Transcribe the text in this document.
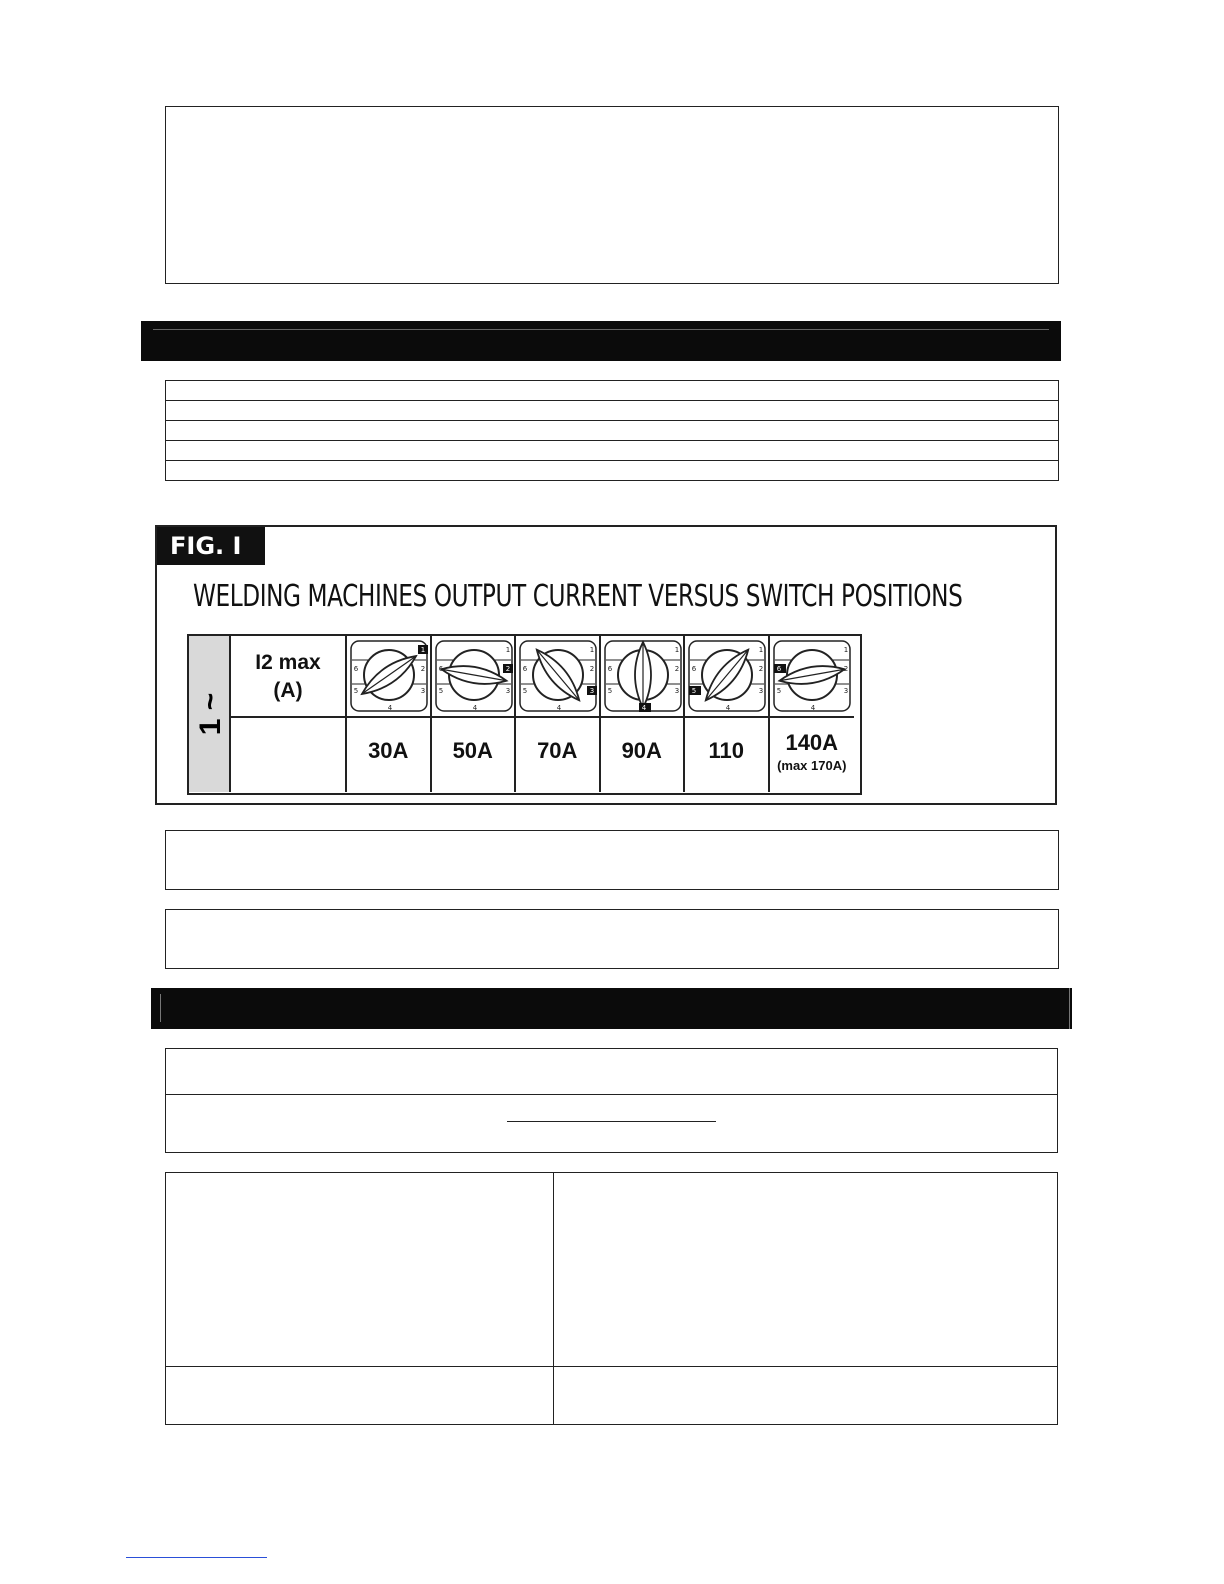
FIG. I
WELDING MACHINES OUTPUT CURRENT VERSUS SWITCH POSITIONS
1 ~
I2 max
(A)
1
2
3
4
5
6
30A
1
2
3
4
5
6
50A
1
2
3
4
5
6
70A
1
2
3
4
5
6
90A
1
2
3
4
5
6
110
1
2
3
4
5
6
140A
(max 170A)
